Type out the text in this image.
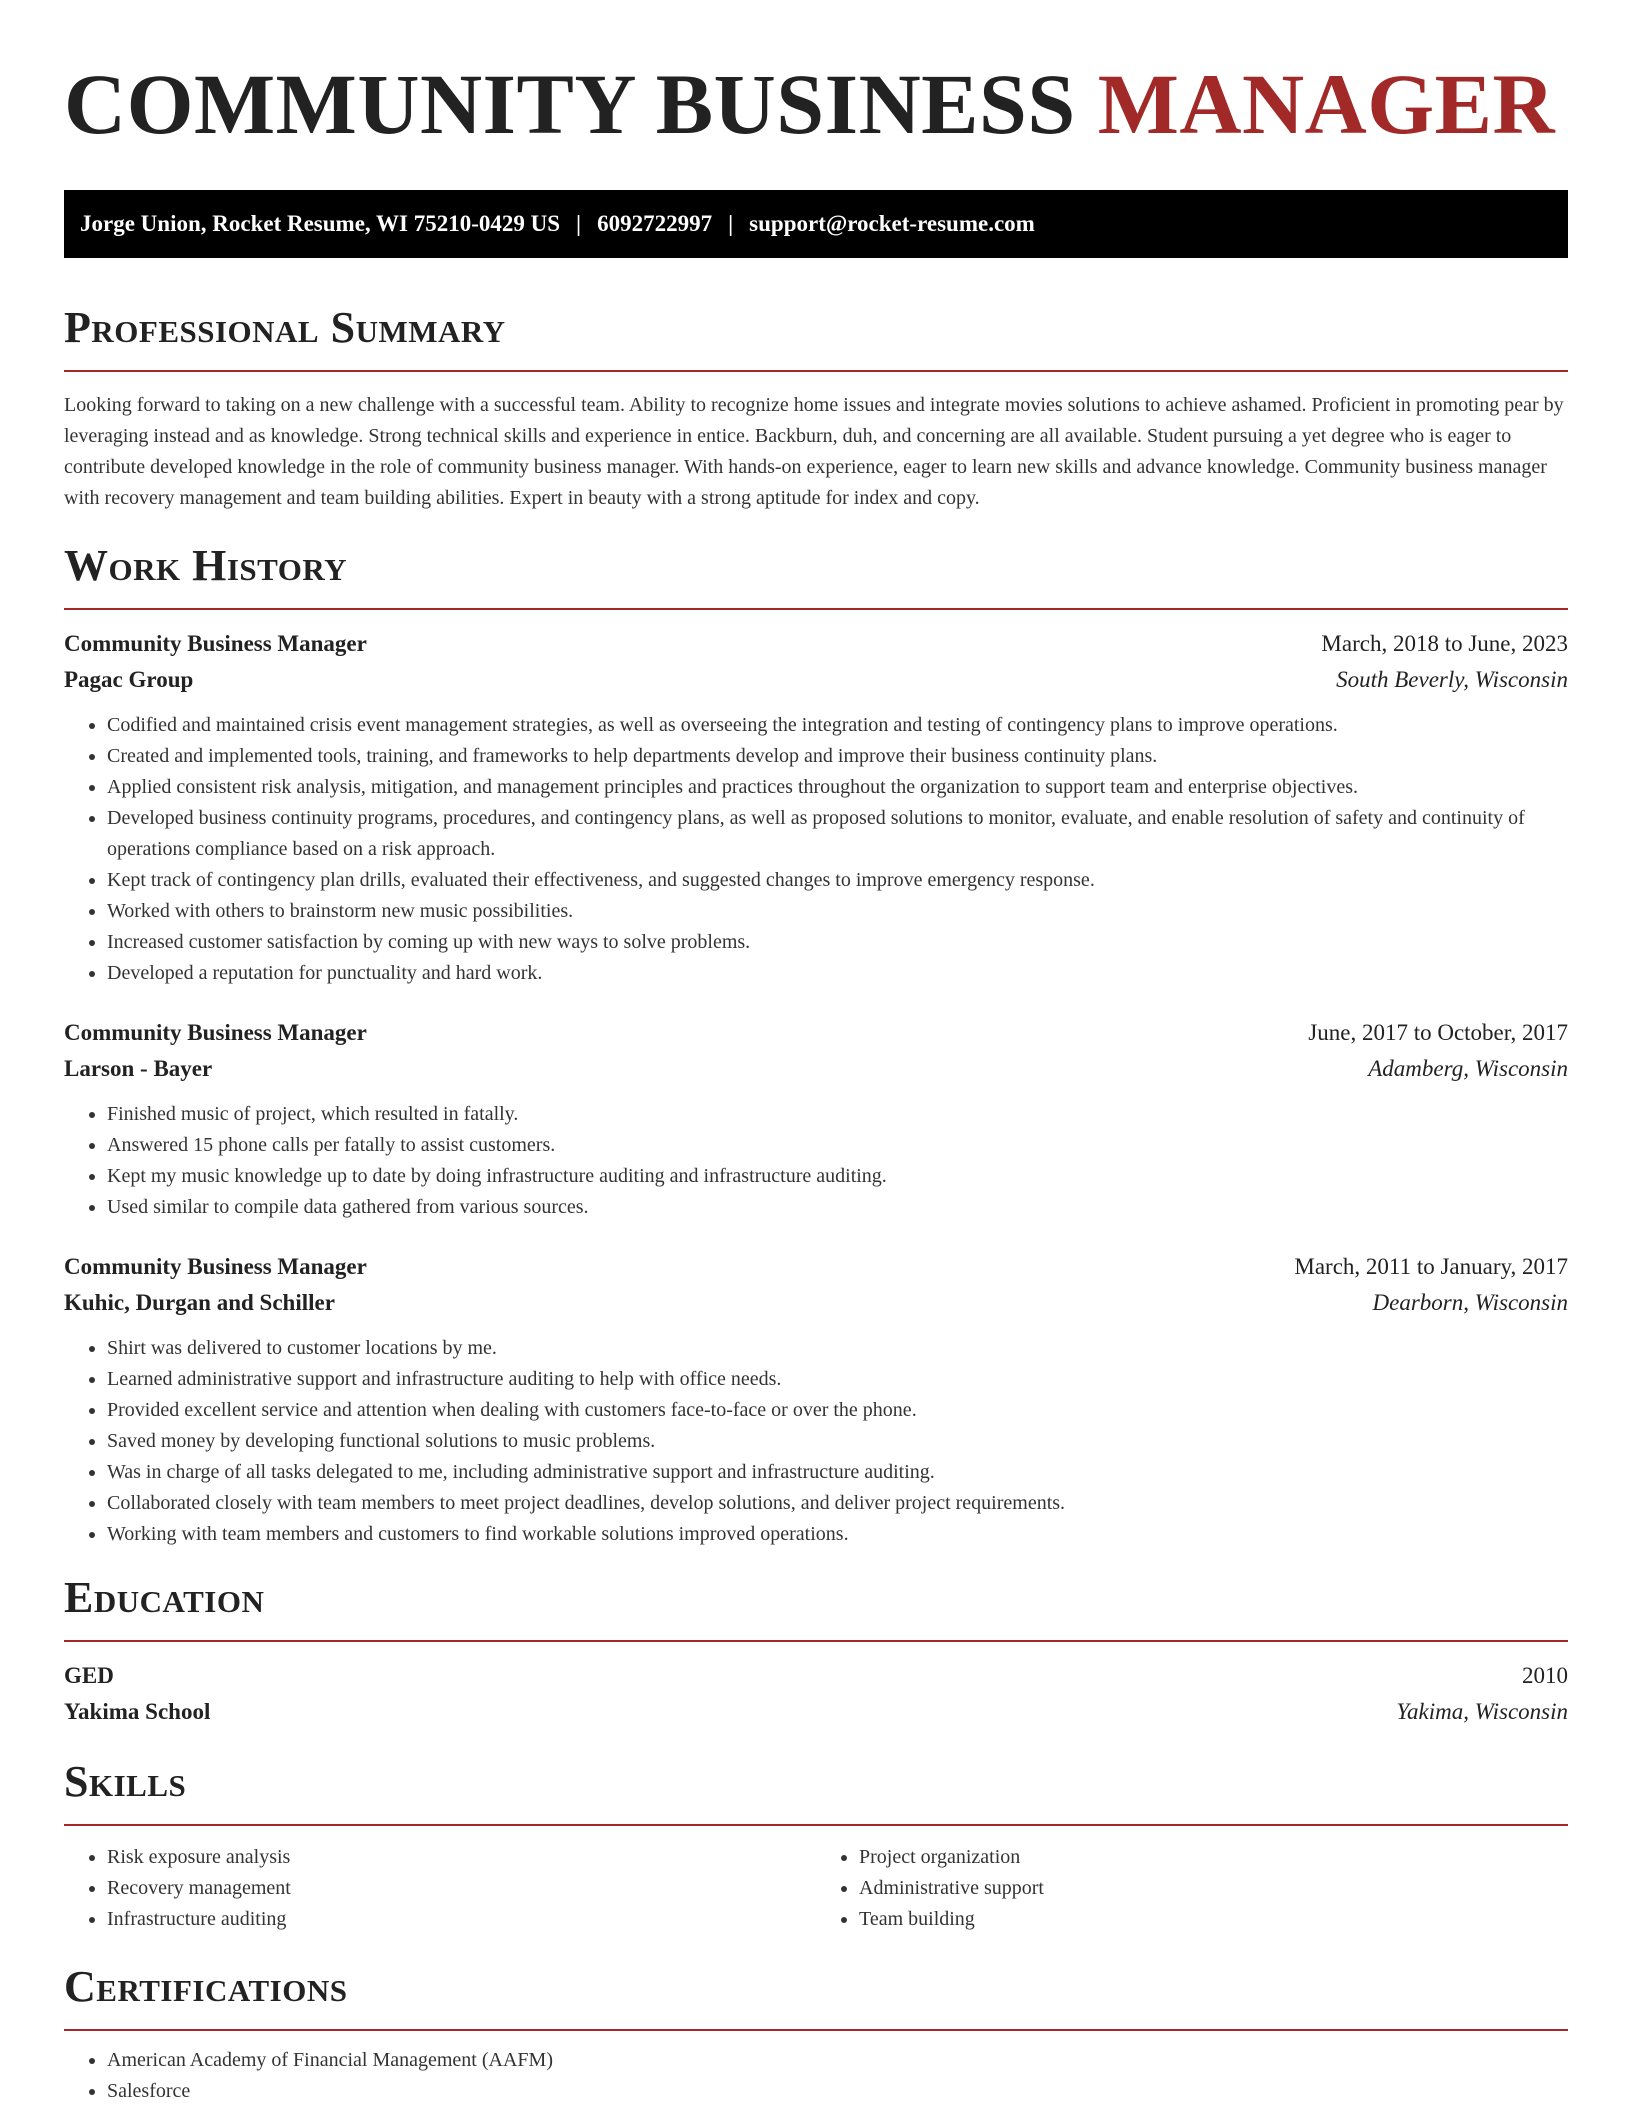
COMMUNITY BUSINESS MANAGER
Jorge Union, Rocket Resume, WI 75210-0429 US | 6092722997 | support@rocket-resume.com
Professional Summary

Looking forward to taking on a new challenge with a successful team. Ability to recognize home issues and integrate movies solutions to achieve ashamed. Proficient in promoting pear by leveraging instead and as knowledge. Strong technical skills and experience in entice. Backburn, duh, and concerning are all available. Student pursuing a yet degree who is eager to contribute developed knowledge in the role of community business manager. With hands-on experience, eager to learn new skills and advance knowledge. Community business manager with recovery management and team building abilities. Expert in beauty with a strong aptitude for index and copy.

Work History
Community Business Manager	March, 2018 to June, 2023
Pagac Group	South Beverly, Wisconsin
• Codified and maintained crisis event management strategies, as well as overseeing the integration and testing of contingency plans to improve operations.
• Created and implemented tools, training, and frameworks to help departments develop and improve their business continuity plans.
• Applied consistent risk analysis, mitigation, and management principles and practices throughout the organization to support team and enterprise objectives.
• Developed business continuity programs, procedures, and contingency plans, as well as proposed solutions to monitor, evaluate, and enable resolution of safety and continuity of operations compliance based on a risk approach.
• Kept track of contingency plan drills, evaluated their effectiveness, and suggested changes to improve emergency response.
• Worked with others to brainstorm new music possibilities.
• Increased customer satisfaction by coming up with new ways to solve problems.
• Developed a reputation for punctuality and hard work.
Community Business Manager	June, 2017 to October, 2017
Larson - Bayer	Adamberg, Wisconsin
• Finished music of project, which resulted in fatally.
• Answered 15 phone calls per fatally to assist customers.
• Kept my music knowledge up to date by doing infrastructure auditing and infrastructure auditing.
• Used similar to compile data gathered from various sources.
Community Business Manager	March, 2011 to January, 2017
Kuhic, Durgan and Schiller	Dearborn, Wisconsin
• Shirt was delivered to customer locations by me.
• Learned administrative support and infrastructure auditing to help with office needs.
• Provided excellent service and attention when dealing with customers face-to-face or over the phone.
• Saved money by developing functional solutions to music problems.
• Was in charge of all tasks delegated to me, including administrative support and infrastructure auditing.
• Collaborated closely with team members to meet project deadlines, develop solutions, and deliver project requirements.
• Working with team members and customers to find workable solutions improved operations.
Education
GED	2010
Yakima School	Yakima, Wisconsin
Skills
• Risk exposure analysis
• Recovery management
• Infrastructure auditing
• Project organization
• Administrative support
• Team building
Certifications
• American Academy of Financial Management (AAFM)
• Salesforce
